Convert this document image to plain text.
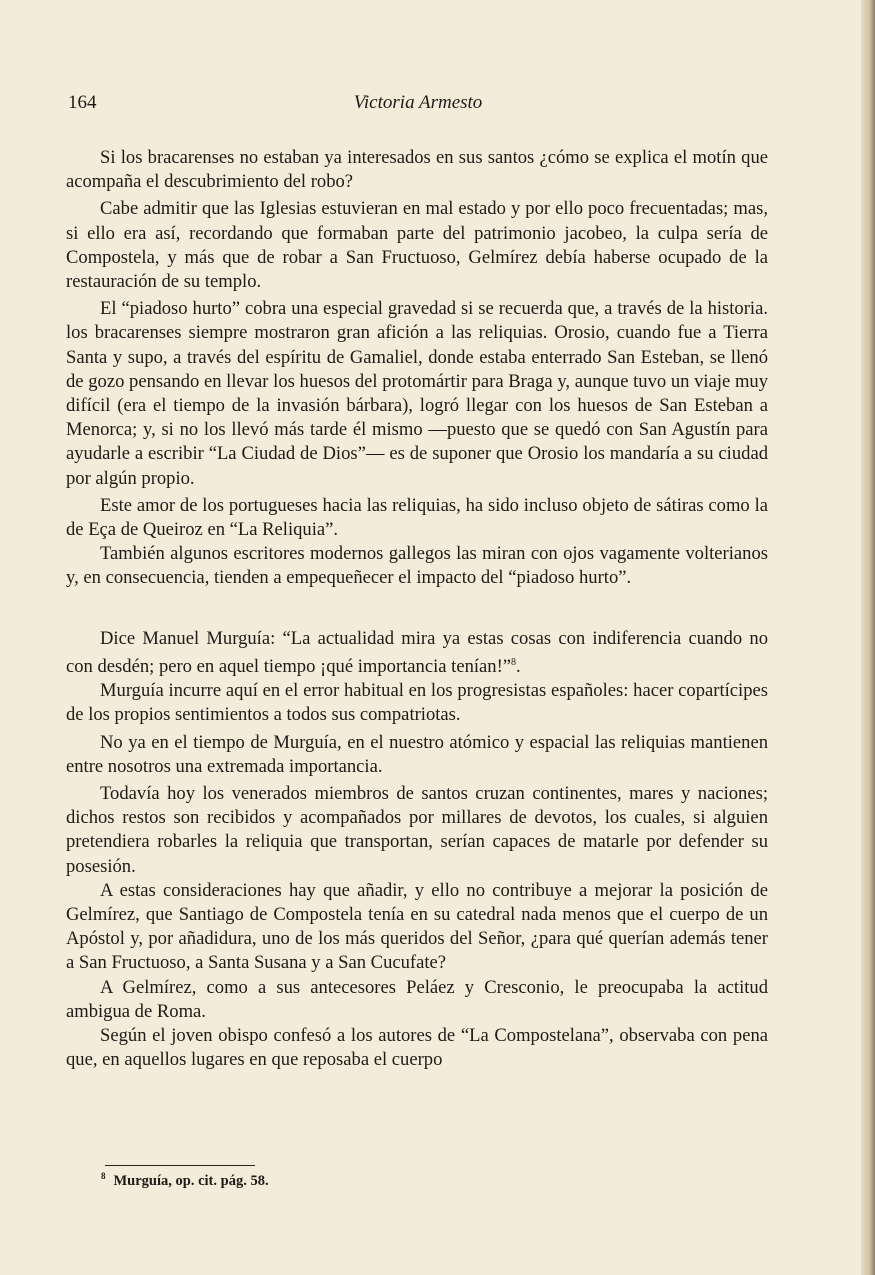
164	Victoria Armesto

Si los bracarenses no estaban ya interesados en sus santos ¿cómo se explica el motín que acompaña el descubrimiento del robo?

Cabe admitir que las Iglesias estuvieran en mal estado y por ello poco frecuentadas; mas, si ello era así, recordando que formaban parte del patrimonio jacobeo, la culpa sería de Compostela, y más que de robar a San Fructuoso, Gelmírez debía haberse ocupado de la restauración de su templo.

El “piadoso hurto” cobra una especial gravedad si se recuerda que, a través de la historia. los bracarenses siempre mostraron gran afición a las reliquias. Orosio, cuando fue a Tierra Santa y supo, a través del espíritu de Gamaliel, donde estaba enterrado San Esteban, se llenó de gozo pensando en llevar los huesos del protomártir para Braga y, aunque tuvo un viaje muy difícil (era el tiempo de la invasión bárbara), logró llegar con los huesos de San Esteban a Menorca; y, si no los llevó más tarde él mismo —puesto que se quedó con San Agustín para ayudarle a escribir “La Ciudad de Dios”— es de suponer que Orosio los mandaría a su ciudad por algún propio.

Este amor de los portugueses hacia las reliquias, ha sido incluso objeto de sátiras como la de Eça de Queiroz en “La Reliquia”.

También algunos escritores modernos gallegos las miran con ojos vagamente volterianos y, en consecuencia, tienden a empequeñecer el impacto del “piadoso hurto”.

Dice Manuel Murguía: “La actualidad mira ya estas cosas con indiferencia cuando no con desdén; pero en aquel tiempo ¡qué importancia tenían!”$^8$.

Murguía incurre aquí en el error habitual en los progresistas españoles: hacer copartícipes de los propios sentimientos a todos sus compatriotas.

No ya en el tiempo de Murguía, en el nuestro atómico y espacial las reliquias mantienen entre nosotros una extremada importancia.

Todavía hoy los venerados miembros de santos cruzan continentes, mares y naciones; dichos restos son recibidos y acompañados por millares de devotos, los cuales, si alguien pretendiera robarles la reliquia que transportan, serían capaces de matarle por defender su posesión.

A estas consideraciones hay que añadir, y ello no contribuye a mejorar la posición de Gelmírez, que Santiago de Compostela tenía en su catedral nada menos que el cuerpo de un Apóstol y, por añadidura, uno de los más queridos del Señor, ¿para qué querían además tener a San Fructuoso, a Santa Susana y a San Cucufate?

A Gelmírez, como a sus antecesores Peláez y Cresconio, le preocupaba la actitud ambigua de Roma.

Según el joven obispo confesó a los autores de “La Compostelana”, observaba con pena que, en aquellos lugares en que reposaba el cuerpo

$^8$ Murguía, op. cit. pág. 58.
